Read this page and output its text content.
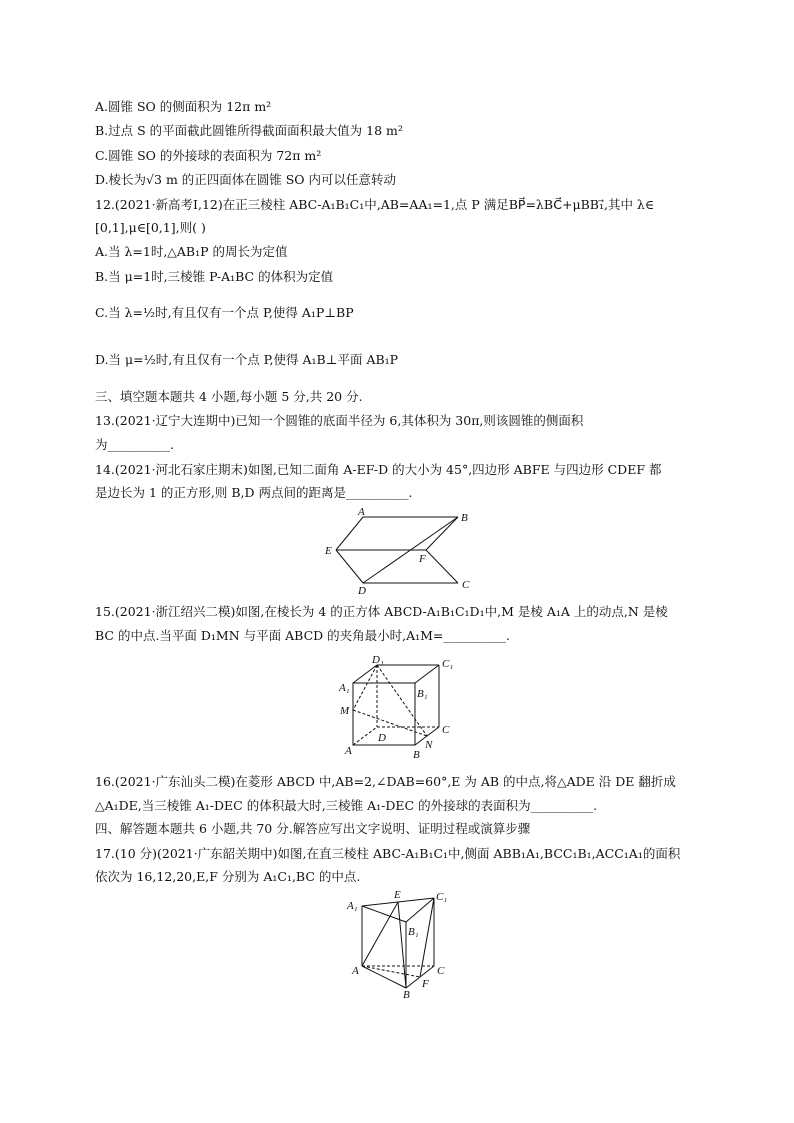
A.圆锥 SO 的侧面积为 12π m²
B.过点 S 的平面截此圆锥所得截面面积最大值为 18 m²
C.圆锥 SO 的外接球的表面积为 72π m²
D.棱长为√3 m 的正四面体在圆锥 SO 内可以任意转动
12.(2021·新高考Ⅰ,12)在正三棱柱 ABC-A₁B₁C₁中,AB=AA₁=1,点 P 满足BP⃗=λBC⃗+μBB₁⃗,其中 λ∈
[0,1],μ∈[0,1],则( )
A.当 λ=1时,△AB₁P 的周长为定值
B.当 μ=1时,三棱锥 P-A₁BC 的体积为定值
C.当 λ=½时,有且仅有一个点 P,使得 A₁P⊥BP
D.当 μ=½时,有且仅有一个点 P,使得 A₁B⊥平面 AB₁P
三、填空题本题共 4 小题,每小题 5 分,共 20 分.
13.(2021·辽宁大连期中)已知一个圆锥的底面半径为 6,其体积为 30π,则该圆锥的侧面积
为__________.
14.(2021·河北石家庄期末)如图,已知二面角 A-EF-D 的大小为 45°,四边形 ABFE 与四边形 CDEF 都
是边长为 1 的正方形,则 B,D 两点间的距离是__________.
15.(2021·浙江绍兴二模)如图,在棱长为 4 的正方体 ABCD-A₁B₁C₁D₁中,M 是棱 A₁A 上的动点,N 是棱
BC 的中点.当平面 D₁MN 与平面 ABCD 的夹角最小时,A₁M=__________.
16.(2021·广东汕头二模)在菱形 ABCD 中,AB=2,∠DAB=60°,E 为 AB 的中点,将△ADE 沿 DE 翻折成
△A₁DE,当三棱锥 A₁-DEC 的体积最大时,三棱锥 A₁-DEC 的外接球的表面积为__________.
四、解答题本题共 6 小题,共 70 分.解答应写出文字说明、证明过程或演算步骤
17.(10 分)(2021·广东韶关期中)如图,在直三棱柱 ABC-A₁B₁C₁中,侧面 ABB₁A₁,BCC₁B₁,ACC₁A₁的面积
依次为 16,12,20,E,F 分别为 A₁C₁,BC 的中点.
A	B
E
F
C
D
D₁	C₁
A₁	B₁
M
D
C
A	N
B
A₁
E	C₁
B₁
A	C
F
B
